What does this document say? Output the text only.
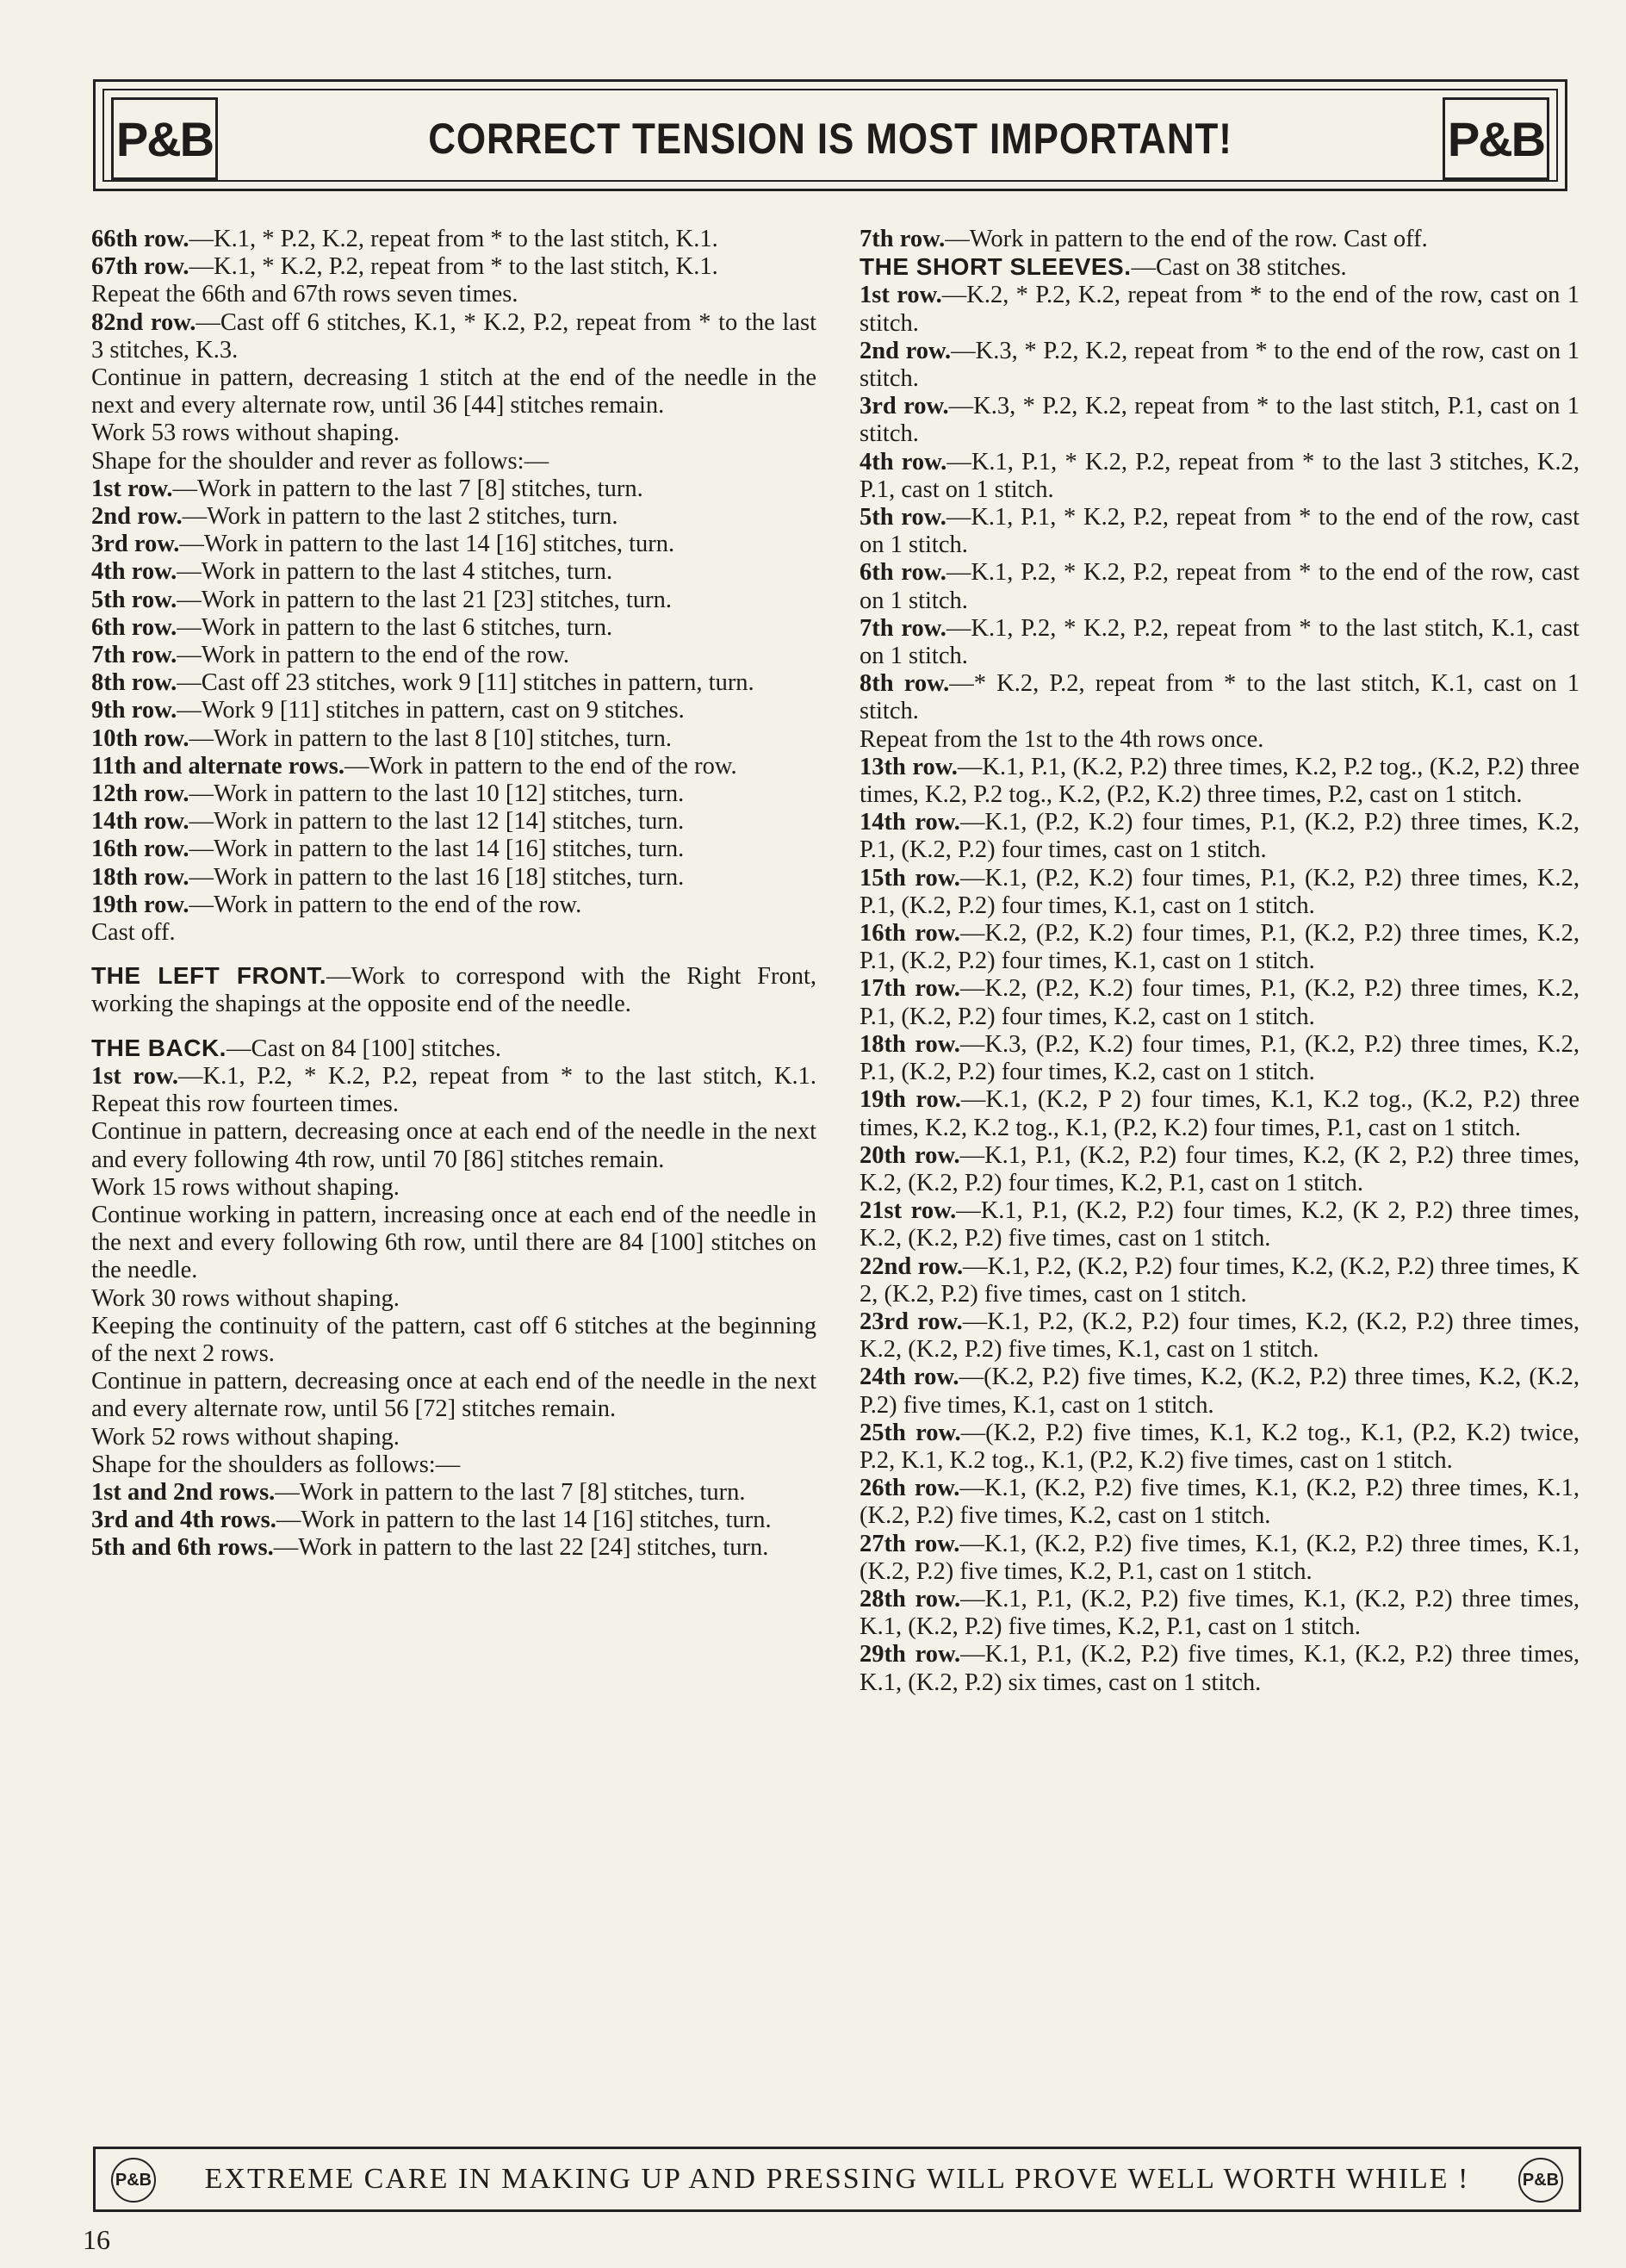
P&B	CORRECT TENSION IS MOST IMPORTANT!	P&B

66th row.—K.1, * P.2, K.2, repeat from * to the last stitch, K.1.

67th row.—K.1, * K.2, P.2, repeat from * to the last stitch, K.1.

Repeat the 66th and 67th rows seven times.

82nd row.—Cast off 6 stitches, K.1, * K.2, P.2, repeat from * to the last 3 stitches, K.3.

Continue in pattern, decreasing 1 stitch at the end of the needle in the next and every alternate row, until 36 [44] stitches remain.

Work 53 rows without shaping.

Shape for the shoulder and rever as follows:—

1st row.—Work in pattern to the last 7 [8] stitches, turn.

2nd row.—Work in pattern to the last 2 stitches, turn.

3rd row.—Work in pattern to the last 14 [16] stitches, turn.

4th row.—Work in pattern to the last 4 stitches, turn.

5th row.—Work in pattern to the last 21 [23] stitches, turn.

6th row.—Work in pattern to the last 6 stitches, turn.

7th row.—Work in pattern to the end of the row.

8th row.—Cast off 23 stitches, work 9 [11] stitches in pattern, turn.

9th row.—Work 9 [11] stitches in pattern, cast on 9 stitches.

10th row.—Work in pattern to the last 8 [10] stitches, turn.

11th and alternate rows.—Work in pattern to the end of the row.

12th row.—Work in pattern to the last 10 [12] stitches, turn.

14th row.—Work in pattern to the last 12 [14] stitches, turn.

16th row.—Work in pattern to the last 14 [16] stitches, turn.

18th row.—Work in pattern to the last 16 [18] stitches, turn.

19th row.—Work in pattern to the end of the row.

Cast off.

THE LEFT FRONT.—Work to correspond with the Right Front, working the shapings at the opposite end of the needle.

THE BACK.—Cast on 84 [100] stitches.

1st row.—K.1, P.2, * K.2, P.2, repeat from * to the last stitch, K.1. Repeat this row fourteen times.

Continue in pattern, decreasing once at each end of the needle in the next and every following 4th row, until 70 [86] stitches remain.

Work 15 rows without shaping.

Continue working in pattern, increasing once at each end of the needle in the next and every following 6th row, until there are 84 [100] stitches on the needle.

Work 30 rows without shaping.

Keeping the continuity of the pattern, cast off 6 stitches at the beginning of the next 2 rows.

Continue in pattern, decreasing once at each end of the needle in the next and every alternate row, until 56 [72] stitches remain.

Work 52 rows without shaping.

Shape for the shoulders as follows:—

1st and 2nd rows.—Work in pattern to the last 7 [8] stitches, turn.

3rd and 4th rows.—Work in pattern to the last 14 [16] stitches, turn.

5th and 6th rows.—Work in pattern to the last 22 [24] stitches, turn.

7th row.—Work in pattern to the end of the row. Cast off.

THE SHORT SLEEVES.—Cast on 38 stitches.

1st row.—K.2, * P.2, K.2, repeat from * to the end of the row, cast on 1 stitch.

2nd row.—K.3, * P.2, K.2, repeat from * to the end of the row, cast on 1 stitch.

3rd row.—K.3, * P.2, K.2, repeat from * to the last stitch, P.1, cast on 1 stitch.

4th row.—K.1, P.1, * K.2, P.2, repeat from * to the last 3 stitches, K.2, P.1, cast on 1 stitch.

5th row.—K.1, P.1, * K.2, P.2, repeat from * to the end of the row, cast on 1 stitch.

6th row.—K.1, P.2, * K.2, P.2, repeat from * to the end of the row, cast on 1 stitch.

7th row.—K.1, P.2, * K.2, P.2, repeat from * to the last stitch, K.1, cast on 1 stitch.

8th row.—* K.2, P.2, repeat from * to the last stitch, K.1, cast on 1 stitch.

Repeat from the 1st to the 4th rows once.

13th row.—K.1, P.1, (K.2, P.2) three times, K.2, P.2 tog., (K.2, P.2) three times, K.2, P.2 tog., K.2, (P.2, K.2) three times, P.2, cast on 1 stitch.

14th row.—K.1, (P.2, K.2) four times, P.1, (K.2, P.2) three times, K.2, P.1, (K.2, P.2) four times, cast on 1 stitch.

15th row.—K.1, (P.2, K.2) four times, P.1, (K.2, P.2) three times, K.2, P.1, (K.2, P.2) four times, K.1, cast on 1 stitch.

16th row.—K.2, (P.2, K.2) four times, P.1, (K.2, P.2) three times, K.2, P.1, (K.2, P.2) four times, K.1, cast on 1 stitch.

17th row.—K.2, (P.2, K.2) four times, P.1, (K.2, P.2) three times, K.2, P.1, (K.2, P.2) four times, K.2, cast on 1 stitch.

18th row.—K.3, (P.2, K.2) four times, P.1, (K.2, P.2) three times, K.2, P.1, (K.2, P.2) four times, K.2, cast on 1 stitch.

19th row.—K.1, (K.2, P 2) four times, K.1, K.2 tog., (K.2, P.2) three times, K.2, K.2 tog., K.1, (P.2, K.2) four times, P.1, cast on 1 stitch.

20th row.—K.1, P.1, (K.2, P.2) four times, K.2, (K 2, P.2) three times, K.2, (K.2, P.2) four times, K.2, P.1, cast on 1 stitch.

21st row.—K.1, P.1, (K.2, P.2) four times, K.2, (K 2, P.2) three times, K.2, (K.2, P.2) five times, cast on 1 stitch.

22nd row.—K.1, P.2, (K.2, P.2) four times, K.2, (K.2, P.2) three times, K 2, (K.2, P.2) five times, cast on 1 stitch.

23rd row.—K.1, P.2, (K.2, P.2) four times, K.2, (K.2, P.2) three times, K.2, (K.2, P.2) five times, K.1, cast on 1 stitch.

24th row.—(K.2, P.2) five times, K.2, (K.2, P.2) three times, K.2, (K.2, P.2) five times, K.1, cast on 1 stitch.

25th row.—(K.2, P.2) five times, K.1, K.2 tog., K.1, (P.2, K.2) twice, P.2, K.1, K.2 tog., K.1, (P.2, K.2) five times, cast on 1 stitch.

26th row.—K.1, (K.2, P.2) five times, K.1, (K.2, P.2) three times, K.1, (K.2, P.2) five times, K.2, cast on 1 stitch.

27th row.—K.1, (K.2, P.2) five times, K.1, (K.2, P.2) three times, K.1, (K.2, P.2) five times, K.2, P.1, cast on 1 stitch.

28th row.—K.1, P.1, (K.2, P.2) five times, K.1, (K.2, P.2) three times, K.1, (K.2, P.2) five times, K.2, P.1, cast on 1 stitch.

29th row.—K.1, P.1, (K.2, P.2) five times, K.1, (K.2, P.2) three times, K.1, (K.2, P.2) six times, cast on 1 stitch.

P&B EXTREME CARE IN MAKING UP AND PRESSING WILL PROVE WELL WORTH WHILE !	P&B
16
